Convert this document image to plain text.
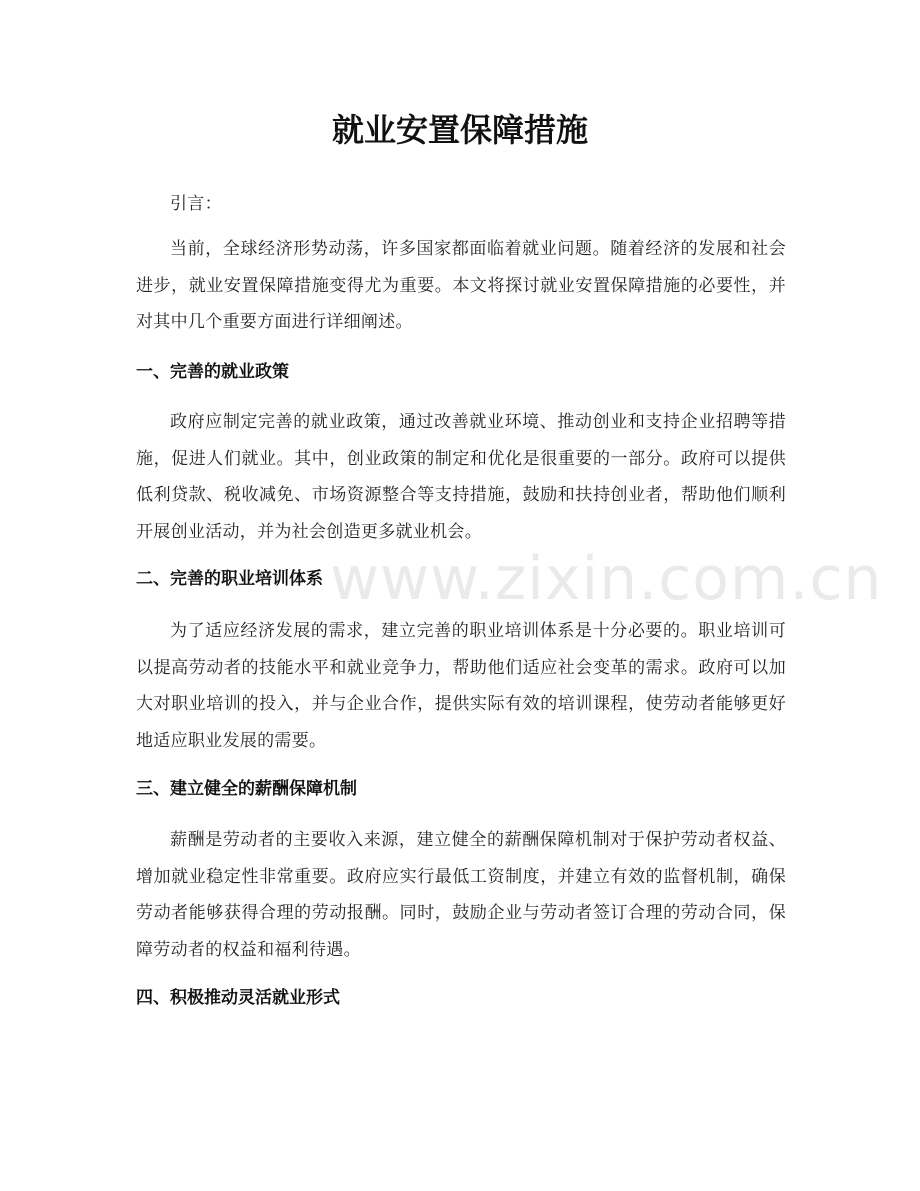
就业安置保障措施

引言：

当前，全球经济形势动荡，许多国家都面临着就业问题。随着经济的发展和社会进步，就业安置保障措施变得尤为重要。本文将探讨就业安置保障措施的必要性，并对其中几个重要方面进行详细阐述。

一、完善的就业政策

政府应制定完善的就业政策，通过改善就业环境、推动创业和支持企业招聘等措施，促进人们就业。其中，创业政策的制定和优化是很重要的一部分。政府可以提供低利贷款、税收减免、市场资源整合等支持措施，鼓励和扶持创业者，帮助他们顺利开展创业活动，并为社会创造更多就业机会。

二、完善的职业培训体系

为了适应经济发展的需求，建立完善的职业培训体系是十分必要的。职业培训可以提高劳动者的技能水平和就业竞争力，帮助他们适应社会变革的需求。政府可以加大对职业培训的投入，并与企业合作，提供实际有效的培训课程，使劳动者能够更好地适应职业发展的需要。

三、建立健全的薪酬保障机制

薪酬是劳动者的主要收入来源，建立健全的薪酬保障机制对于保护劳动者权益、增加就业稳定性非常重要。政府应实行最低工资制度，并建立有效的监督机制，确保劳动者能够获得合理的劳动报酬。同时，鼓励企业与劳动者签订合理的劳动合同，保障劳动者的权益和福利待遇。

四、积极推动灵活就业形式
www.zixin.com.cn
